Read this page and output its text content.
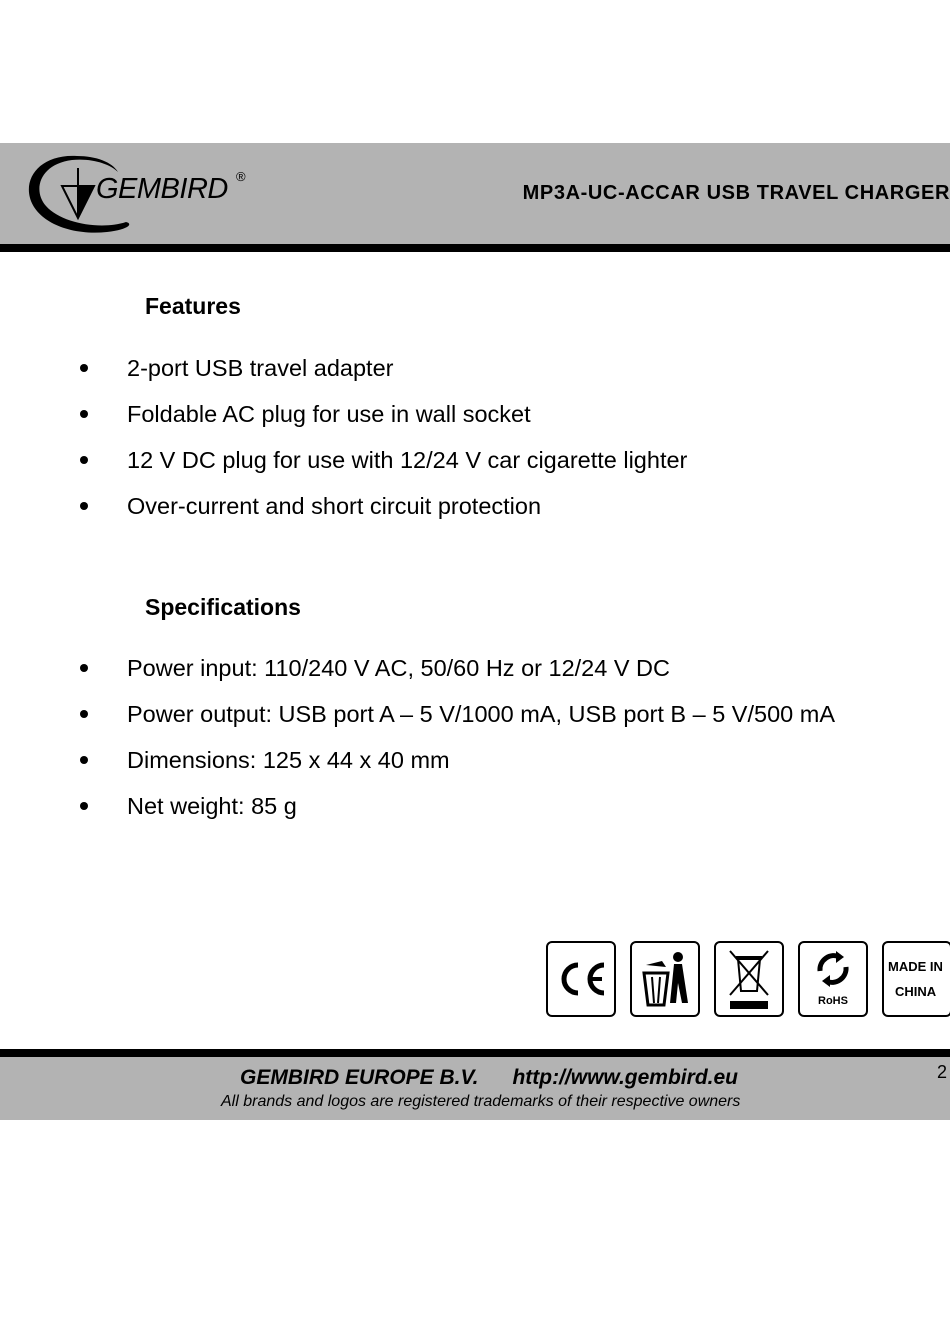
GEMBIRD ®
MP3A-UC-ACCAR USB TRAVEL CHARGER
Features
2-port USB travel adapter
Foldable AC plug for use in wall socket
12 V DC plug for use with 12/24 V car cigarette lighter
Over-current and short circuit protection
Specifications
Power input: 110/240 V AC, 50/60 Hz or 12/24 V DC
Power output: USB port A – 5 V/1000 mA, USB port B – 5 V/500 mA
Dimensions: 125 x 44 x 40 mm
Net weight: 85 g
RoHS
MADE IN
CHINA
GEMBIRD EUROPE B.V. http://www.gembird.eu
All brands and logos are registered trademarks of their respective owners
2
